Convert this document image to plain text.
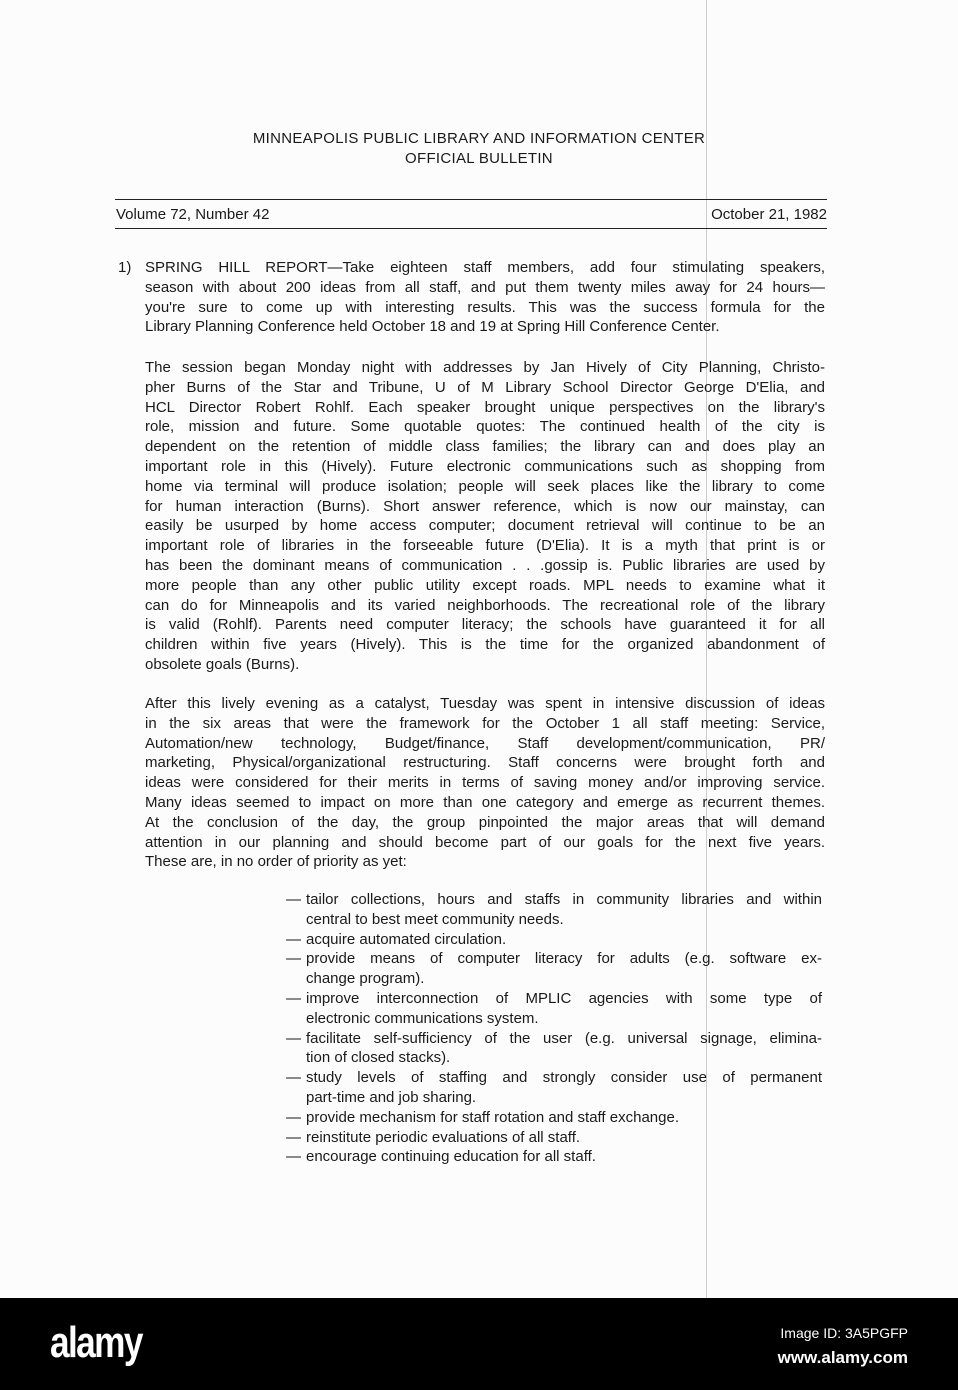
MINNEAPOLIS PUBLIC LIBRARY AND INFORMATION CENTER
OFFICIAL BULLETIN
Volume 72, Number 42	October 21, 1982
1) SPRING HILL REPORT—Take eighteen staff members, add four stimulating speakers,
season with about 200 ideas from all staff, and put them twenty miles away for 24 hours—
you're sure to come up with interesting results. This was the success formula for the
Library Planning Conference held October 18 and 19 at Spring Hill Conference Center.
The session began Monday night with addresses by Jan Hively of City Planning, Christo-
pher Burns of the Star and Tribune, U of M Library School Director George D'Elia, and
HCL Director Robert Rohlf. Each speaker brought unique perspectives on the library's
role, mission and future. Some quotable quotes: The continued health of the city is
dependent on the retention of middle class families; the library can and does play an
important role in this (Hively). Future electronic communications such as shopping from
home via terminal will produce isolation; people will seek places like the library to come
for human interaction (Burns). Short answer reference, which is now our mainstay, can
easily be usurped by home access computer; document retrieval will continue to be an
important role of libraries in the forseeable future (D'Elia). It is a myth that print is or
has been the dominant means of communication . . .gossip is. Public libraries are used by
more people than any other public utility except roads. MPL needs to examine what it
can do for Minneapolis and its varied neighborhoods. The recreational role of the library
is valid (Rohlf). Parents need computer literacy; the schools have guaranteed it for all
children within five years (Hively). This is the time for the organized abandonment of
obsolete goals (Burns).
After this lively evening as a catalyst, Tuesday was spent in intensive discussion of ideas
in the six areas that were the framework for the October 1 all staff meeting: Service,
Automation/new technology, Budget/finance, Staff development/communication, PR/
marketing, Physical/organizational restructuring. Staff concerns were brought forth and
ideas were considered for their merits in terms of saving money and/or improving service.
Many ideas seemed to impact on more than one category and emerge as recurrent themes.
At the conclusion of the day, the group pinpointed the major areas that will demand
attention in our planning and should become part of our goals for the next five years.
These are, in no order of priority as yet:
— tailor collections, hours and staffs in community libraries and within
central to best meet community needs.
— acquire automated circulation.
— provide means of computer literacy for adults (e.g. software ex-
change program).
— improve interconnection of MPLIC agencies with some type of
electronic communications system.
— facilitate self-sufficiency of the user (e.g. universal signage, elimina-
tion of closed stacks).
— study levels of staffing and strongly consider use of permanent
part-time and job sharing.
— provide mechanism for staff rotation and staff exchange.
— reinstitute periodic evaluations of all staff.
— encourage continuing education for all staff.
alamy	Image ID: 3A5PGFP
www.alamy.com
